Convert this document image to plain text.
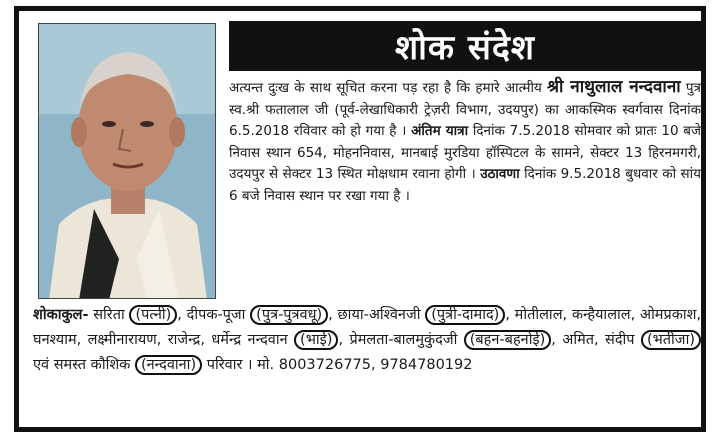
शोक संदेश
अत्यन्त दुःख के साथ सूचित करना पड़ रहा है कि हमारे आत्मीय श्री नाथुलाल नन्दवाना पुत्र स्व.श्री फतालाल जी (पूर्व-लेखाधिकारी ट्रेज़री विभाग, उदयपुर) का आकस्मिक स्वर्गवास दिनांक 6.5.2018 रविवार को हो गया है । अंतिम यात्रा दिनांक 7.5.2018 सोमवार को प्रातः 10 बजे निवास स्थान 654, मोहननिवास, मानबाई मुरडिया हॉस्पिटल के सामने, सेक्टर 13 हिरनमगरी, उदयपुर से सेक्टर 13 स्थित मोक्षधाम रवाना होगी । उठावणा दिनांक 9.5.2018 बुधवार को सांय 6 बजे निवास स्थान पर रखा गया है ।
शोकाकुल- सरिता (पत्नी) , दीपक-पूजा (पुत्र-पुत्रवधू) , छाया-अश्विनजी (पुत्री-दामाद) , मोतीलाल, कन्हैयालाल, ओमप्रकाश, घनश्याम, लक्ष्मीनारायण, राजेन्द्र, धर्मेन्द्र नन्दवान (भाई) , प्रेमलता-बालमुकुंदजी (बहन-बहनोई) , अमित, संदीप (भतीजा) एवं समस्त कौशिक (नन्दवाना) परिवार । मो. 8003726775, 9784780192
